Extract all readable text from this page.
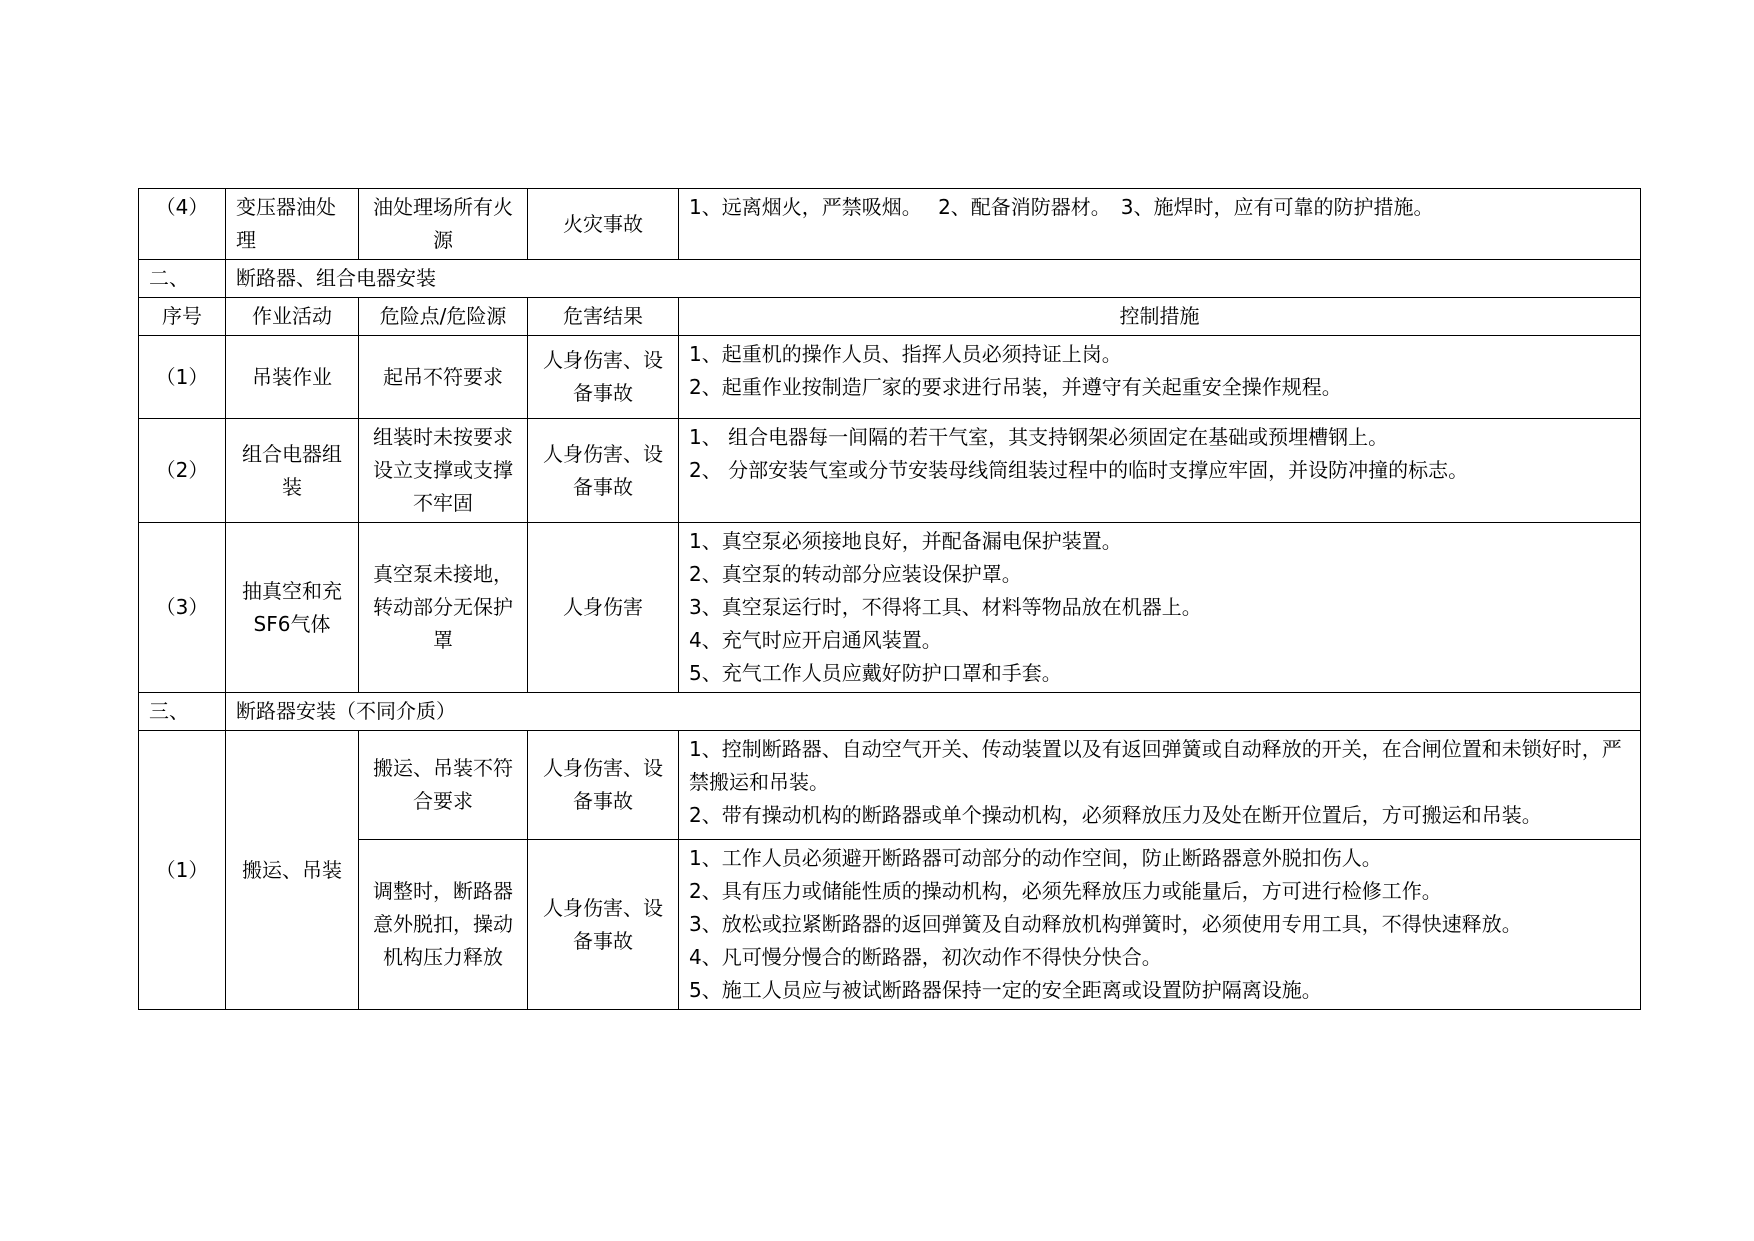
（4）	变压器油处理	油处理场所有火源	火灾事故	1、远离烟火，严禁吸烟。　 2、配备消防器材。　3、施焊时，应有可靠的防护措施。

二、	断路器、组合电器安装			
序号	作业活动	危险点/危险源	危害结果	控制措施
（1）	吊装作业	起吊不符要求	人身伤害、设备事故	1、起重机的操作人员、指挥人员必须持证上岗。
2、起重作业按制造厂家的要求进行吊装，并遵守有关起重安全操作规程。

（2）	组合电器组装	组装时未按要求设立支撑或支撑不牢固	人身伤害、设备事故	1、 组合电器每一间隔的若干气室，其支持钢架必须固定在基础或预埋槽钢上。
2、 分部安装气室或分节安装母线筒组装过程中的临时支撑应牢固，并设防冲撞的标志。

（3）	抽真空和充SF6气体	真空泵未接地，转动部分无保护罩	人身伤害	1、真空泵必须接地良好，并配备漏电保护装置。
2、真空泵的转动部分应装设保护罩。
3、真空泵运行时，不得将工具、材料等物品放在机器上。
4、充气时应开启通风装置。
5、充气工作人员应戴好防护口罩和手套。

三、	断路器安装（不同介质）			
（1）	搬运、吊装	搬运、吊装不符合要求	人身伤害、设备事故	1、控制断路器、自动空气开关、传动装置以及有返回弹簧或自动释放的开关，在合闸位置和未锁好时，严禁搬运和吊装。
2、带有操动机构的断路器或单个操动机构，必须释放压力及处在断开位置后，方可搬运和吊装。

		调整时，断路器意外脱扣，操动机构压力释放	人身伤害、设备事故	1、工作人员必须避开断路器可动部分的动作空间，防止断路器意外脱扣伤人。
2、具有压力或储能性质的操动机构，必须先释放压力或能量后，方可进行检修工作。
3、放松或拉紧断路器的返回弹簧及自动释放机构弹簧时，必须使用专用工具，不得快速释放。
4、凡可慢分慢合的断路器，初次动作不得快分快合。
5、施工人员应与被试断路器保持一定的安全距离或设置防护隔离设施。
